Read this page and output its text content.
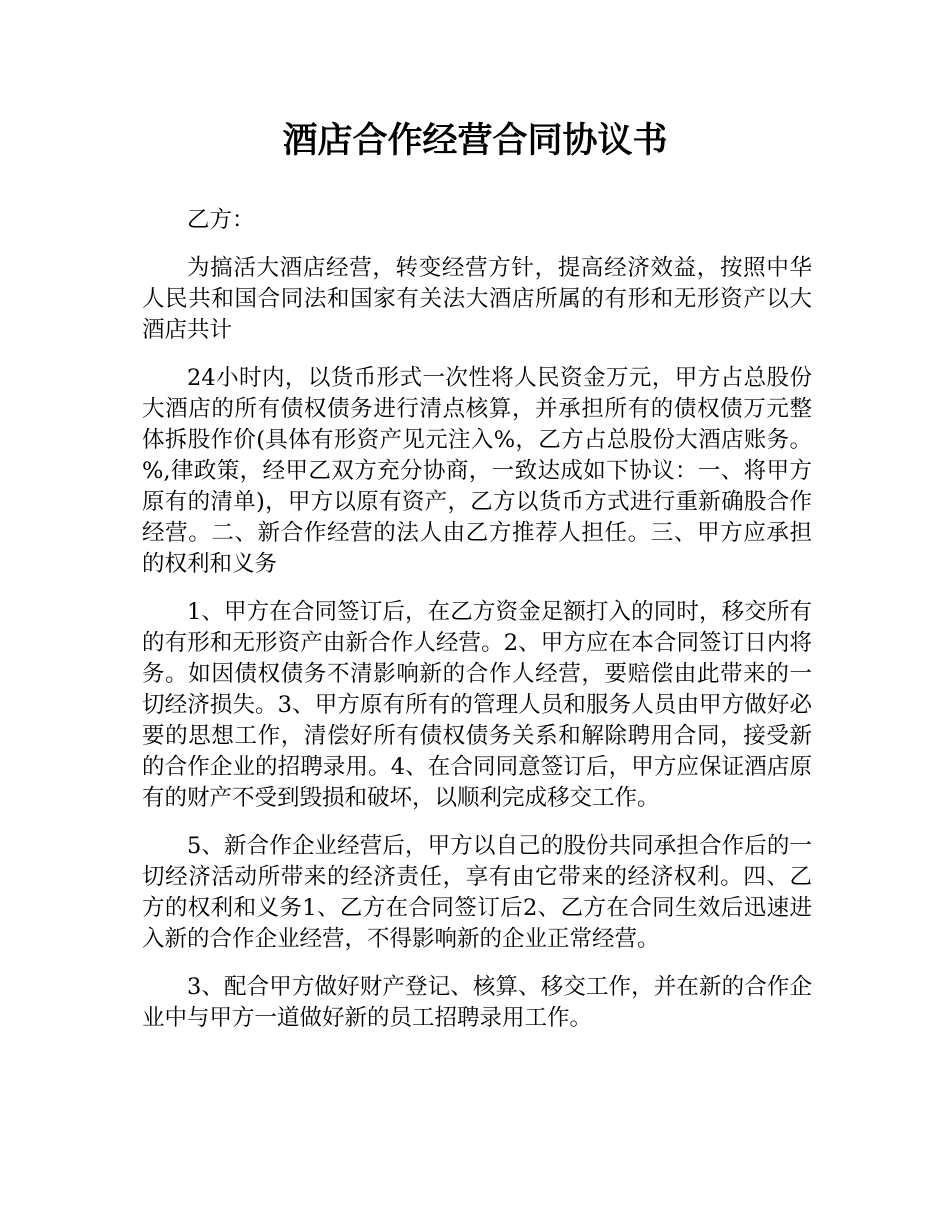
酒店合作经营合同协议书

乙方：

为搞活大酒店经营，转变经营方针，提高经济效益，按照中华人民共和国合同法和国家有关法大酒店所属的有形和无形资产以大酒店共计

24小时内，以货币形式一次性将人民资金万元，甲方占总股份大酒店的所有债权债务进行清点核算，并承担所有的债权债万元整体拆股作价(具体有形资产见元注入%，乙方占总股份大酒店账务。%,律政策，经甲乙双方充分协商，一致达成如下协议：一、将甲方原有的清单)，甲方以原有资产，乙方以货币方式进行重新确股合作经营。二、新合作经营的法人由乙方推荐人担任。三、甲方应承担的权利和义务

1、甲方在合同签订后，在乙方资金足额打入的同时，移交所有的有形和无形资产由新合作人经营。2、甲方应在本合同签订日内将务。如因债权债务不清影响新的合作人经营，要赔偿由此带来的一切经济损失。3、甲方原有所有的管理人员和服务人员由甲方做好必要的思想工作，清偿好所有债权债务关系和解除聘用合同，接受新的合作企业的招聘录用。4、在合同同意签订后，甲方应保证酒店原有的财产不受到毁损和破坏，以顺利完成移交工作。

5、新合作企业经营后，甲方以自己的股份共同承担合作后的一切经济活动所带来的经济责任，享有由它带来的经济权利。四、乙方的权利和义务1、乙方在合同签订后2、乙方在合同生效后迅速进入新的合作企业经营，不得影响新的企业正常经营。

3、配合甲方做好财产登记、核算、移交工作，并在新的合作企业中与甲方一道做好新的员工招聘录用工作。
